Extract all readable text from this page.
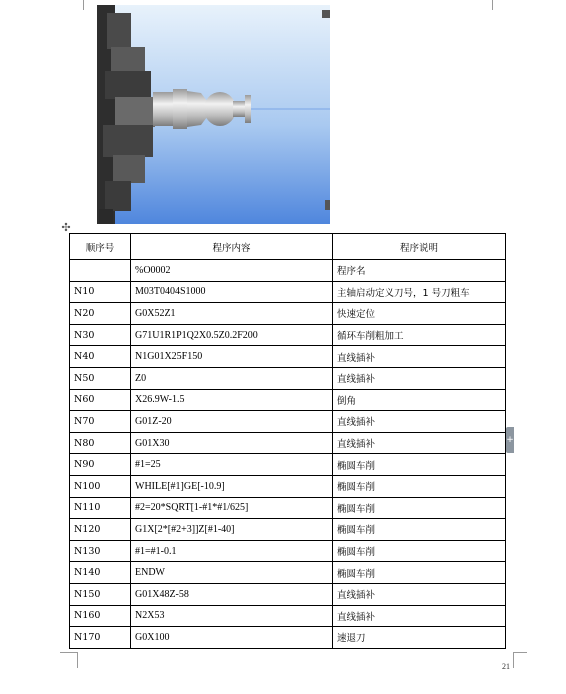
✣
顺序号	程序内容	程序说明
	%O0002	程序名
N10	M03T0404S1000	主轴启动定义刀号，1 号刀粗车
N20	G0X52Z1	快速定位
N30	G71U1R1P1Q2X0.5Z0.2F200	循环车削粗加工
N40	N1G01X25F150	直线插补
N50	Z0	直线插补
N60	X26.9W-1.5	倒角
N70	G01Z-20	直线插补
N80	G01X30	直线插补
N90	#1=25	椭圆车削
N100	WHILE[#1]GE[-10.9]	椭圆车削
N110	#2=20*SQRT[1-#1*#1/625]	椭圆车削
N120	G1X[2*[#2+3]]Z[#1-40]	椭圆车削
N130	#1=#1-0.1	椭圆车削
N140	ENDW	椭圆车削
N150	G01X48Z-58	直线插补
N160	N2X53	直线插补
N170	G0X100	速退刀
+
21
